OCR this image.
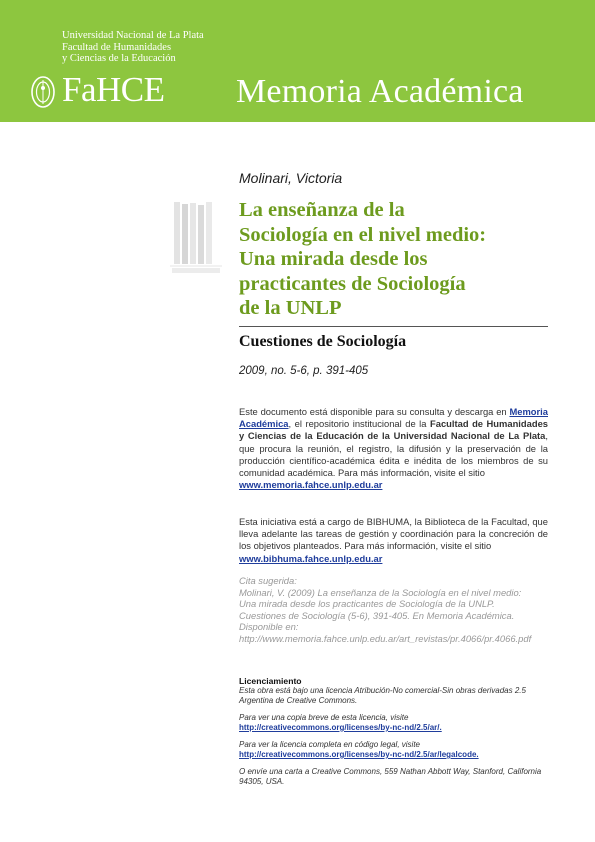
Universidad Nacional de La Plata
Facultad de Humanidades
y Ciencias de la Educación
FaHCE Memoria Académica
Molinari, Victoria
La enseñanza de la
Sociología en el nivel medio:
Una mirada desde los
practicantes de Sociología
de la UNLP
Cuestiones de Sociología
2009, no. 5-6, p. 391-405
Este documento está disponible para su consulta y descarga en Memoria Académica, el repositorio institucional de la Facultad de Humanidades y Ciencias de la Educación de la Universidad Nacional de La Plata, que procura la reunión, el registro, la difusión y la preservación de la producción científico-académica édita e inédita de los miembros de su comunidad académica. Para más información, visite el sitio
www.memoria.fahce.unlp.edu.ar
Esta iniciativa está a cargo de BIBHUMA, la Biblioteca de la Facultad, que lleva adelante las tareas de gestión y coordinación para la concreción de los objetivos planteados. Para más información, visite el sitio
www.bibhuma.fahce.unlp.edu.ar
Cita sugerida:
Molinari, V. (2009) La enseñanza de la Sociología en el nivel medio:
Una mirada desde los practicantes de Sociología de la UNLP.
Cuestiones de Sociología (5-6), 391-405. En Memoria Académica.
Disponible en:
http://www.memoria.fahce.unlp.edu.ar/art_revistas/pr.4066/pr.4066.pdf
Licenciamiento
Esta obra está bajo una licencia Atribución-No comercial-Sin obras derivadas 2.5 Argentina de Creative Commons.
Para ver una copia breve de esta licencia, visite
http://creativecommons.org/licenses/by-nc-nd/2.5/ar/.
Para ver la licencia completa en código legal, visite
http://creativecommons.org/licenses/by-nc-nd/2.5/ar/legalcode.
O envíe una carta a Creative Commons, 559 Nathan Abbott Way, Stanford, California 94305, USA.
